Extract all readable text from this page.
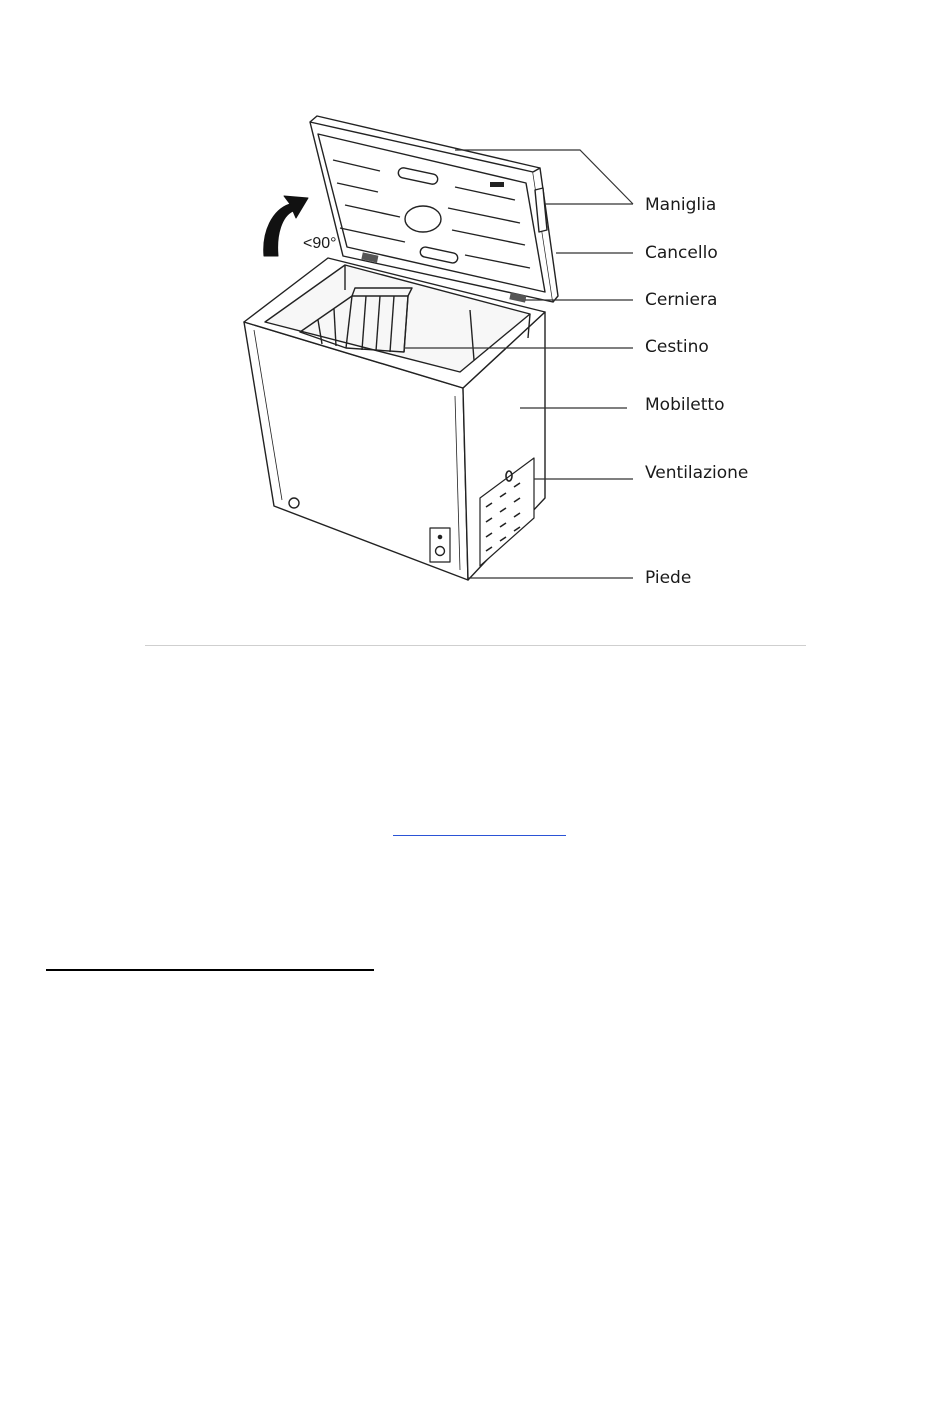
<90°
Maniglia
Cancello
Cerniera
Cestino
Mobiletto
Ventilazione
Piede
